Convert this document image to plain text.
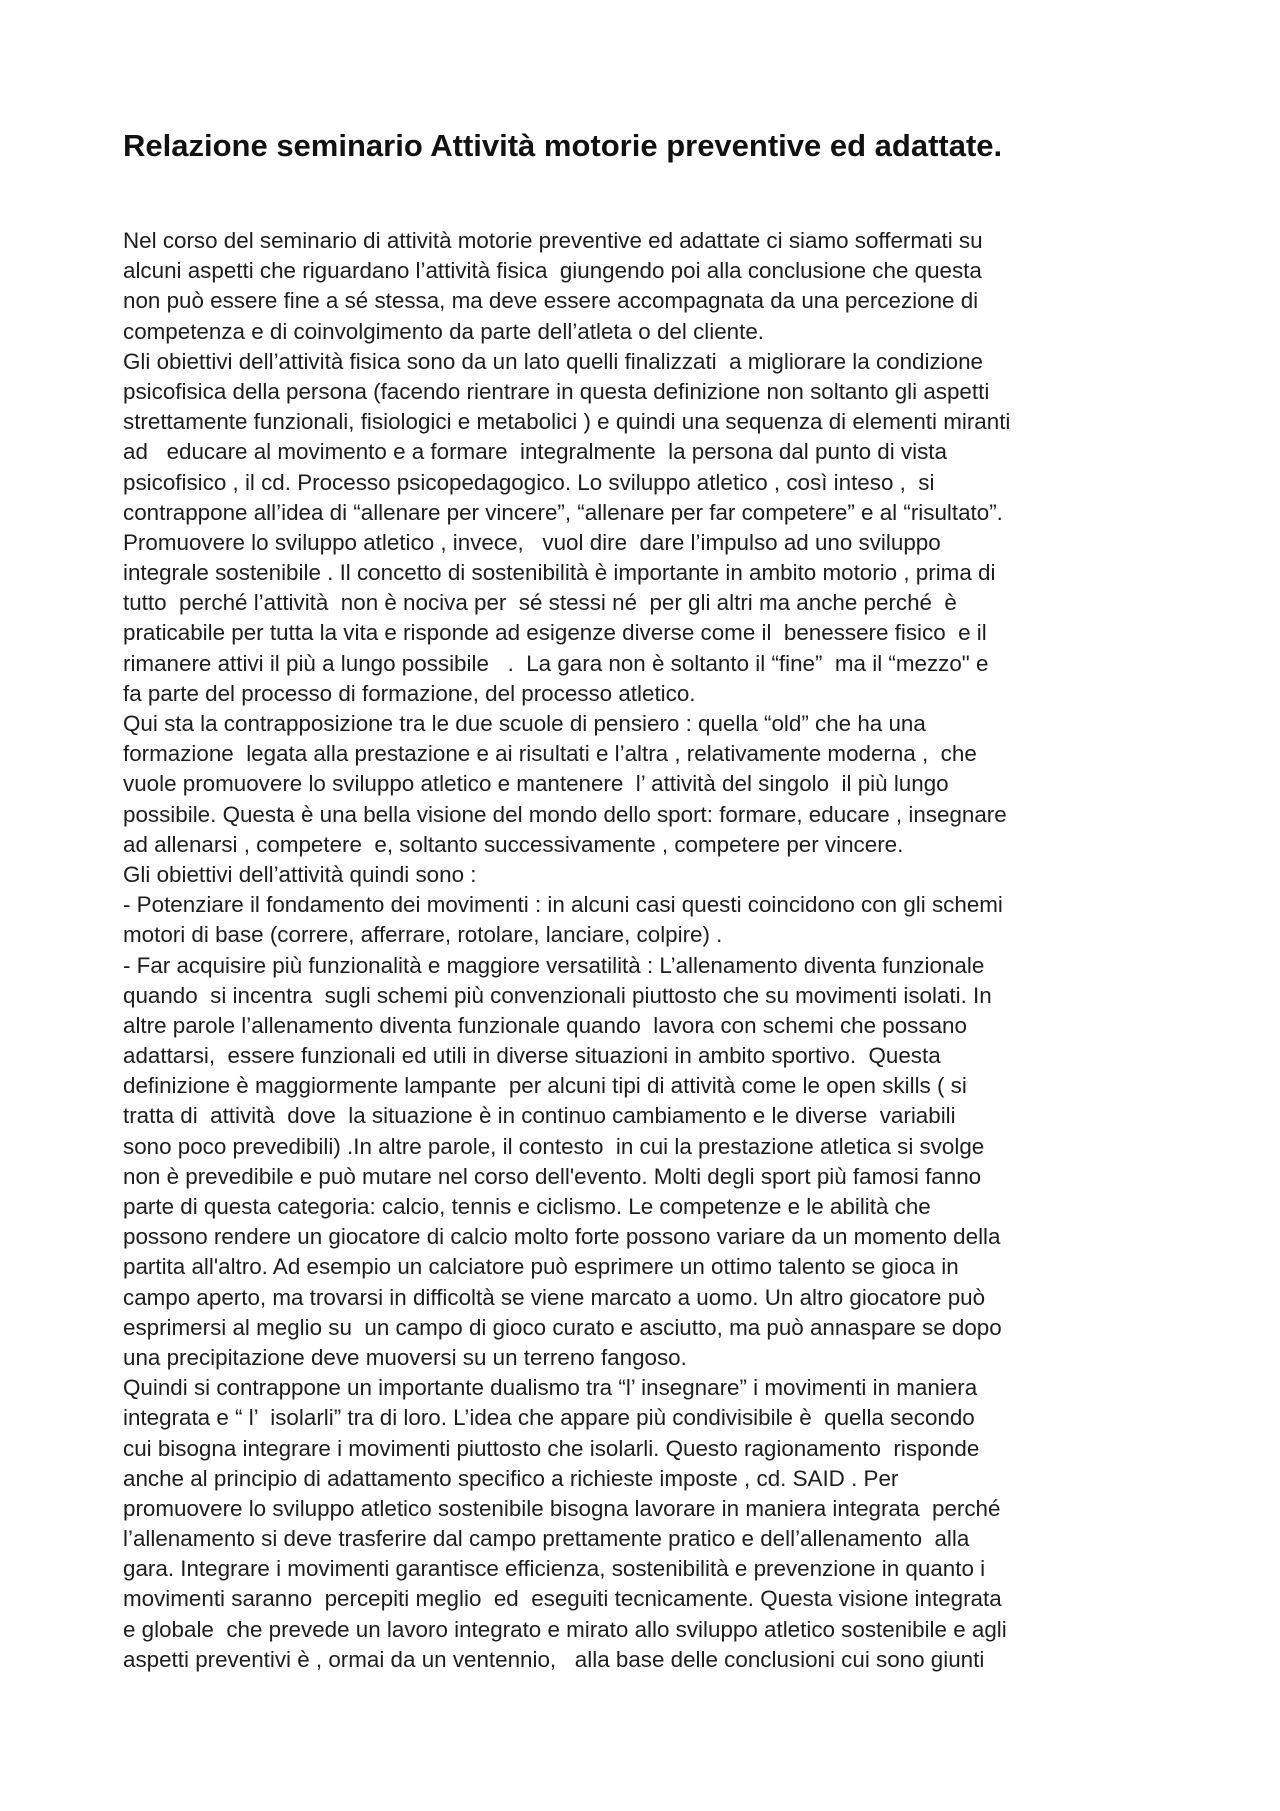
Relazione seminario Attività motorie preventive ed adattate.
Nel corso del seminario di attività motorie preventive ed adattate ci siamo soffermati su
alcuni aspetti che riguardano l’attività fisica  giungendo poi alla conclusione che questa
non può essere fine a sé stessa, ma deve essere accompagnata da una percezione di
competenza e di coinvolgimento da parte dell’atleta o del cliente.
Gli obiettivi dell’attività fisica sono da un lato quelli finalizzati  a migliorare la condizione
psicofisica della persona (facendo rientrare in questa definizione non soltanto gli aspetti
strettamente funzionali, fisiologici e metabolici ) e quindi una sequenza di elementi miranti
ad   educare al movimento e a formare  integralmente  la persona dal punto di vista
psicofisico , il cd. Processo psicopedagogico. Lo sviluppo atletico , così inteso ,  si
contrappone all’idea di “allenare per vincere”, “allenare per far competere” e al “risultato”.
Promuovere lo sviluppo atletico , invece,   vuol dire  dare l’impulso ad uno sviluppo
integrale sostenibile . Il concetto di sostenibilità è importante in ambito motorio , prima di
tutto  perché l’attività  non è nociva per  sé stessi né  per gli altri ma anche perché  è
praticabile per tutta la vita e risponde ad esigenze diverse come il  benessere fisico  e il
rimanere attivi il più a lungo possibile   .  La gara non è soltanto il “fine”  ma il “mezzo" e
fa parte del processo di formazione, del processo atletico.
Qui sta la contrapposizione tra le due scuole di pensiero : quella “old” che ha una
formazione  legata alla prestazione e ai risultati e l’altra , relativamente moderna ,  che
vuole promuovere lo sviluppo atletico e mantenere  l’ attività del singolo  il più lungo
possibile. Questa è una bella visione del mondo dello sport: formare, educare , insegnare
ad allenarsi , competere  e, soltanto successivamente , competere per vincere.
Gli obiettivi dell’attività quindi sono :
- Potenziare il fondamento dei movimenti : in alcuni casi questi coincidono con gli schemi
motori di base (correre, afferrare, rotolare, lanciare, colpire) .
- Far acquisire più funzionalità e maggiore versatilità : L’allenamento diventa funzionale
quando  si incentra  sugli schemi più convenzionali piuttosto che su movimenti isolati. In
altre parole l’allenamento diventa funzionale quando  lavora con schemi che possano
adattarsi,  essere funzionali ed utili in diverse situazioni in ambito sportivo.  Questa
definizione è maggiormente lampante  per alcuni tipi di attività come le open skills ( si
tratta di  attività  dove  la situazione è in continuo cambiamento e le diverse  variabili
sono poco prevedibili) .In altre parole, il contesto  in cui la prestazione atletica si svolge
non è prevedibile e può mutare nel corso dell'evento. Molti degli sport più famosi fanno
parte di questa categoria: calcio, tennis e ciclismo. Le competenze e le abilità che
possono rendere un giocatore di calcio molto forte possono variare da un momento della
partita all'altro. Ad esempio un calciatore può esprimere un ottimo talento se gioca in
campo aperto, ma trovarsi in difficoltà se viene marcato a uomo. Un altro giocatore può
esprimersi al meglio su  un campo di gioco curato e asciutto, ma può annaspare se dopo
una precipitazione deve muoversi su un terreno fangoso.
Quindi si contrappone un importante dualismo tra “l’ insegnare” i movimenti in maniera
integrata e “ l’  isolarli” tra di loro. L’idea che appare più condivisibile è  quella secondo
cui bisogna integrare i movimenti piuttosto che isolarli. Questo ragionamento  risponde
anche al principio di adattamento specifico a richieste imposte , cd. SAID . Per
promuovere lo sviluppo atletico sostenibile bisogna lavorare in maniera integrata  perché
l’allenamento si deve trasferire dal campo prettamente pratico e dell’allenamento  alla
gara. Integrare i movimenti garantisce efficienza, sostenibilità e prevenzione in quanto i
movimenti saranno  percepiti meglio  ed  eseguiti tecnicamente. Questa visione integrata
e globale  che prevede un lavoro integrato e mirato allo sviluppo atletico sostenibile e agli
aspetti preventivi è , ormai da un ventennio,   alla base delle conclusioni cui sono giunti
